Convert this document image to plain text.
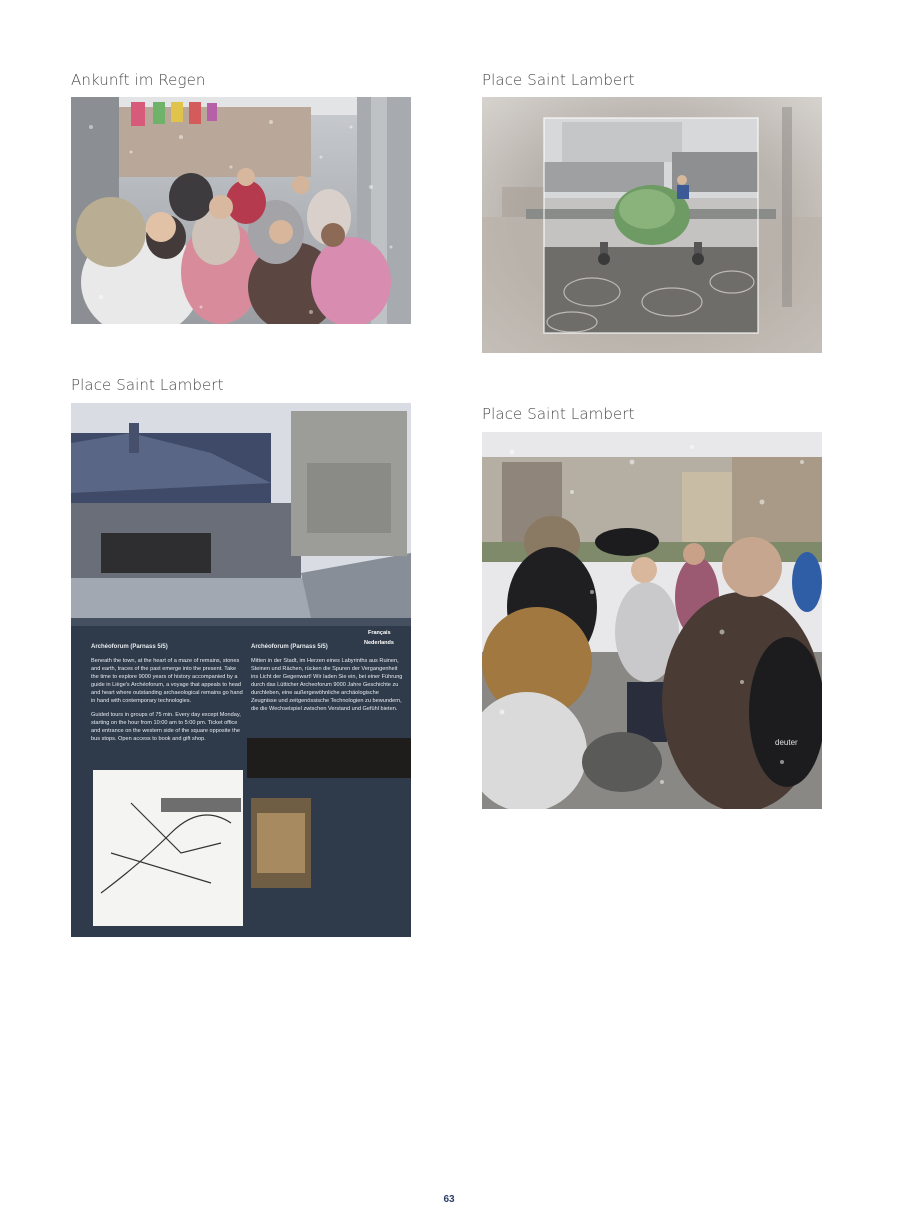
Ankunft im Regen	Place Saint Lambert
Place Saint Lambert
Place Saint Lambert
Français
Nederlands
Archéoforum (Parnass 5/5)
Beneath the town, at the heart of a maze of remains, stones and earth, traces of the past emerge into the present. Take the time to explore 9000 years of history accompanied by a guide in Liège's Archéoforum, a voyage that appeals to head and heart where outstanding archaeological remains go hand in hand with contemporary technologies.
Guided tours in groups of 75 min. Every day except Monday, starting on the hour from 10:00 am to 5:00 pm. Ticket office and entrance on the western side of the square opposite the bus stops. Open access to book and gift shop.
Archéoforum (Parnass 5/5)
Mitten in der Stadt, im Herzen eines Labyrinths aus Ruinen, Steinen und Rächen, rücken die Spuren der Vergangenheit ins Licht der Gegenwart! Wir laden Sie ein, bei einer Führung durch das Lütticher Archeoforum 9000 Jahre Geschichte zu durchleben, eine außergewöhnliche archäologische Zeugnisse und zeitgenössische Technologien zu bewundern, die die Wechselspiel zwischen Verstand und Gefühl bieten.
deuter
63
